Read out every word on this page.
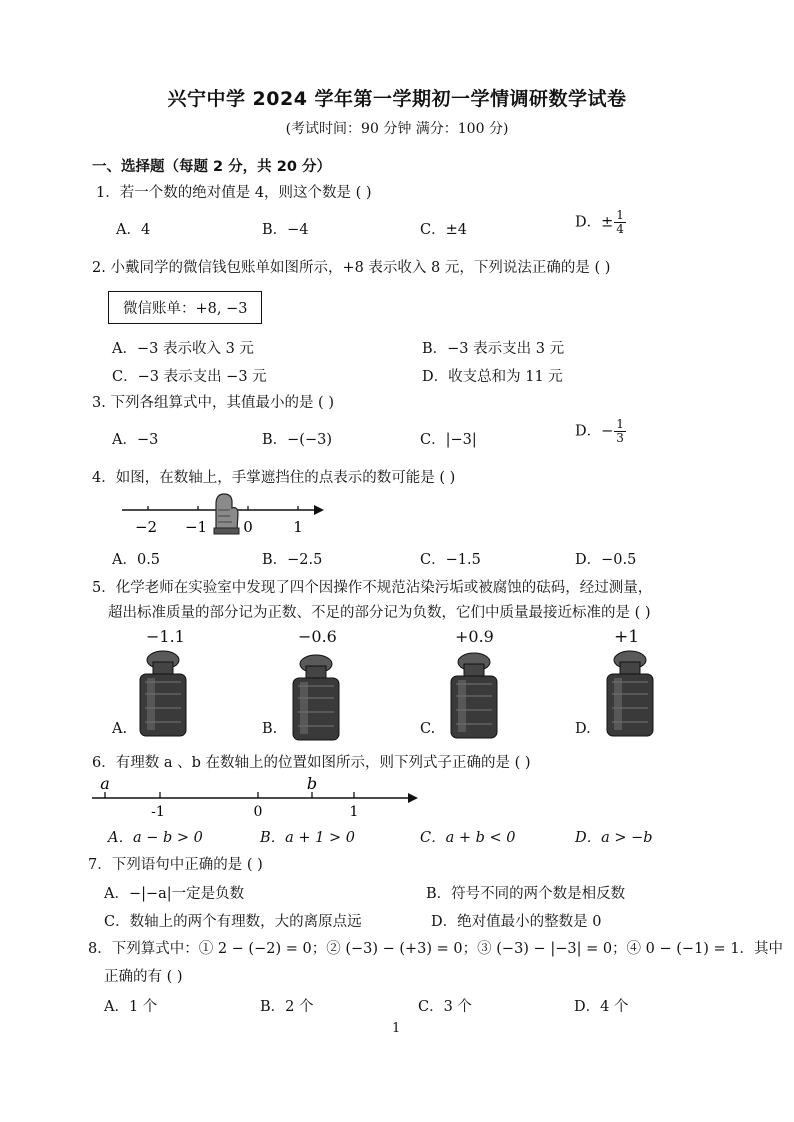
兴宁中学 2024 学年第一学期初一学情调研数学试卷
(考试时间：90 分钟 满分：100 分)
一、选择题（每题 2 分，共 20 分）
1．若一个数的绝对值是 4，则这个数是 ( )
A．4	B．−4	C．±4	D．± $\frac{1}{4}$
2. 小戴同学的微信钱包账单如图所示，+8 表示收入 8 元，下列说法正确的是 ( )
微信账单：+8, −3
A．−3 表示收入 3 元	B．−3 表示支出 3 元
C．−3 表示支出 −3 元	D．收支总和为 11 元
3. 下列各组算式中，其值最小的是 ( )
A．−3	B．−(−3)	C．|−3|
D．− $\frac{1}{3}$
4．如图，在数轴上，手掌遮挡住的点表示的数可能是 ( )
−2 −1 0	1
A．0.5	B．−2.5	C．−1.5	D．−0.5
5．化学老师在实验室中发现了四个因操作不规范沾染污垢或被腐蚀的砝码，经过测量，
超出标准质量的部分记为正数、不足的部分记为负数，它们中质量最接近标准的是 ( )
−1.1	−0.6	+0.9	+1
A.	B.	C.	D.
6．有理数 a 、b 在数轴上的位置如图所示，则下列式子正确的是 ( )
a
-1	0
b
1
A．a − b > 0	B．a + 1 > 0	C．a + b < 0	D．a > −b
7．下列语句中正确的是 ( )
A．−|−a|一定是负数	B．符号不同的两个数是相反数
C．数轴上的两个有理数，大的离原点远	D．绝对值最小的整数是 0
8．下列算式中：① 2 − (−2) = 0；② (−3) − (+3) = 0；③ (−3) − |−3| = 0；④ 0 − (−1) = 1．其中
正确的有 ( )
A．1 个	B．2 个	C．3 个	D．4 个
1
